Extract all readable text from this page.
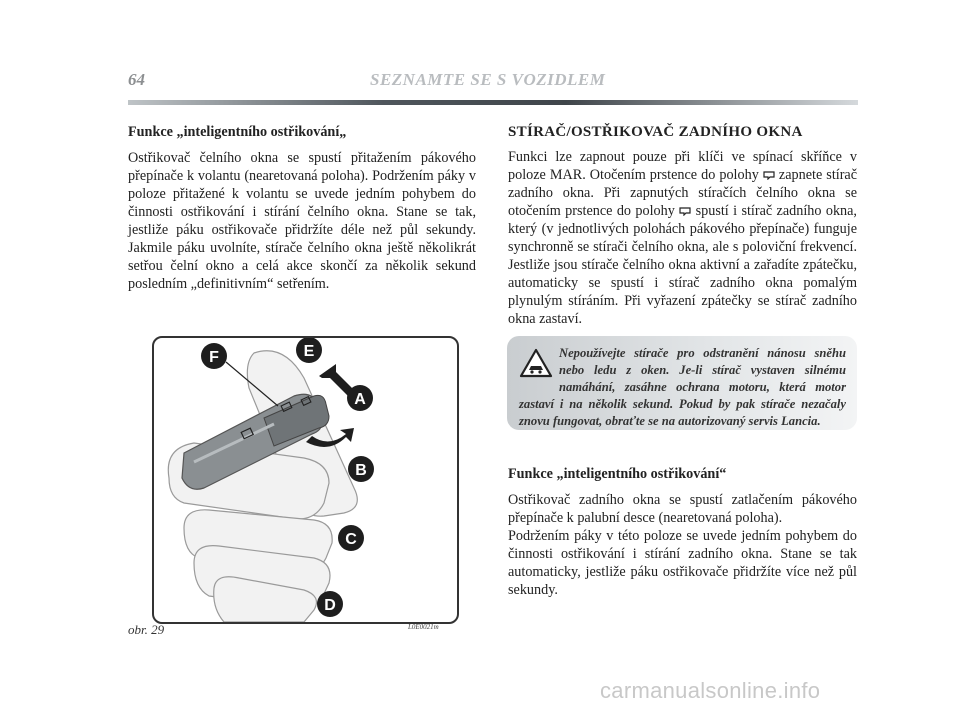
64	SEZNAMTE SE S VOZIDLEM
Funkce „inteligentního ostřikování„

Ostřikovač čelního okna se spustí přitažením pákového přepínače k volantu (nearetovaná poloha). Podržením páky v poloze přitažené k volantu se uvede jedním pohybem do činnosti ostřikování i stírání čelního okna. Stane se tak, jestliže páku ostřikovače přidržíte déle než půl sekundy. Jakmile páku uvolníte, stírače čelního okna ještě několikrát setřou čelní okno a celá akce skončí za několik sekund posledním „definitivním“ setřením.

STÍRAČ/OSTŘIKOVAČ ZADNÍHO OKNA

Funkci lze zapnout pouze při klíči ve spínací skříňce v poloze MAR. Otočením prstence do polohy zapnete stírač zadního okna. Při zapnutých stíračích čelního okna se otočením prstence do polohy spustí i stírač zadního okna, který (v jednotlivých polohách pákového přepínače) funguje synchronně se stírači čelního okna, ale s poloviční frekvencí. Jestliže jsou stírače čelního okna aktivní a zařadíte zpátečku, automaticky se spustí i stírač zadního okna pomalým plynulým stíráním. Při vyřazení zpátečky se stírač zadního okna zastaví.

Nepoužívejte stírače pro odstranění nánosu sněhu nebo ledu z oken. Je-li stírač vystaven silnému namáhání, zasáhne ochrana motoru, která motor zastaví i na několik sekund. Pokud by pak stírače nezačaly znovu fungovat, obraťte se na autorizovaný servis Lancia.
Funkce „inteligentního ostřikování“

Ostřikovač zadního okna se spustí zatlačením pákového přepínače k palubní desce (nearetovaná poloha).

Podržením páky v této poloze se uvede jedním pohybem do činnosti ostřikování i stírání zadního okna. Stane se tak automaticky, jestliže páku ostřikovače přidržíte více než půl sekundy.

F	E
A
B
C
D
obr. 29	L0E0021m
carmanualsonline.info
